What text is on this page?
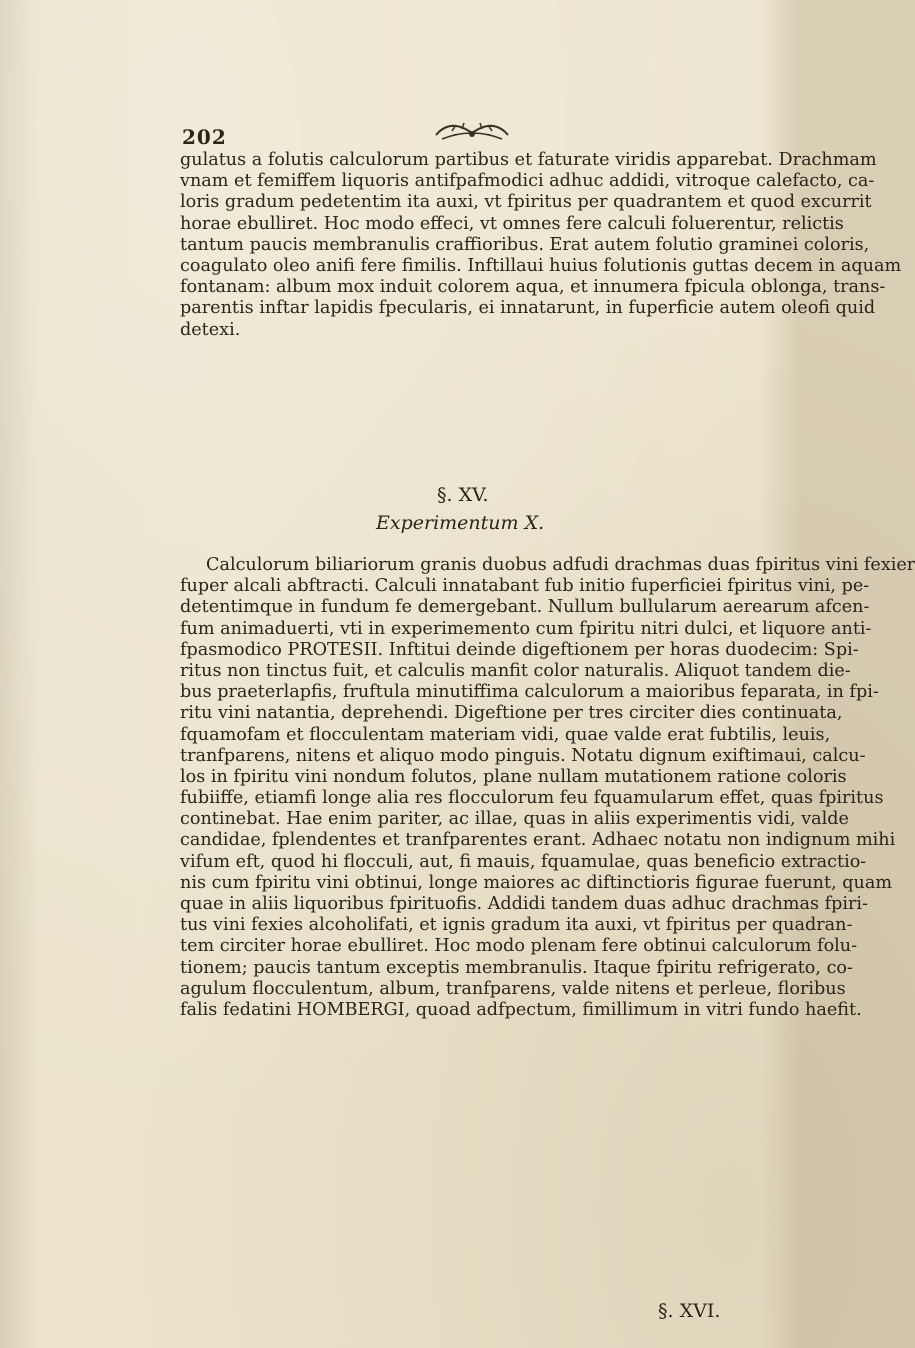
202
gulatus a folutis calculorum partibus et faturate viridis apparebat. Drachmam
vnam et femiffem liquoris antifpafmodici adhuc addidi, vitroque calefacto, ca-
loris gradum pedetentim ita auxi, vt fpiritus per quadrantem et quod excurrit
horae ebulliret. Hoc modo effeci, vt omnes fere calculi foluerentur, relictis
tantum paucis membranulis craffioribus. Erat autem folutio graminei coloris,
coagulato oleo anifi fere fimilis. Inftillaui huius folutionis guttas decem in aquam
fontanam: album mox induit colorem aqua, et innumera fpicula oblonga, trans-
parentis inftar lapidis fpecularis, ei innatarunt, in fuperficie autem oleofi quid
detexi.
§. XV.
Experimentum X.
Calculorum biliariorum granis duobus adfudi drachmas duas fpiritus vini fexier
fuper alcali abftracti. Calculi innatabant fub initio fuperficiei fpiritus vini, pe-
detentimque in fundum fe demergebant. Nullum bullularum aerearum afcen-
fum animaduerti, vti in experimemento cum fpiritu nitri dulci, et liquore anti-
fpasmodico PROTESII. Inftitui deinde digeftionem per horas duodecim: Spi-
ritus non tinctus fuit, et calculis manfit color naturalis. Aliquot tandem die-
bus praeterlapfis, fruftula minutiffima calculorum a maioribus feparata, in fpi-
ritu vini natantia, deprehendi. Digeftione per tres circiter dies continuata,
fquamofam et flocculentam materiam vidi, quae valde erat fubtilis, leuis,
tranfparens, nitens et aliquo modo pinguis. Notatu dignum exiftimaui, calcu-
los in fpiritu vini nondum folutos, plane nullam mutationem ratione coloris
fubiiffe, etiamfi longe alia res flocculorum feu fquamularum effet, quas fpiritus
continebat. Hae enim pariter, ac illae, quas in aliis experimentis vidi, valde
candidae, fplendentes et tranfparentes erant. Adhaec notatu non indignum mihi
vifum eft, quod hi flocculi, aut, fi mauis, fquamulae, quas beneficio extractio-
nis cum fpiritu vini obtinui, longe maiores ac diftinctioris figurae fuerunt, quam
quae in aliis liquoribus fpirituofis. Addidi tandem duas adhuc drachmas fpiri-
tus vini fexies alcoholifati, et ignis gradum ita auxi, vt fpiritus per quadran-
tem circiter horae ebulliret. Hoc modo plenam fere obtinui calculorum folu-
tionem; paucis tantum exceptis membranulis. Itaque fpiritu refrigerato, co-
agulum flocculentum, album, tranfparens, valde nitens et perleue, floribus
falis fedatini HOMBERGI, quoad adfpectum, fimillimum in vitri fundo haefit.
§. XVI.
